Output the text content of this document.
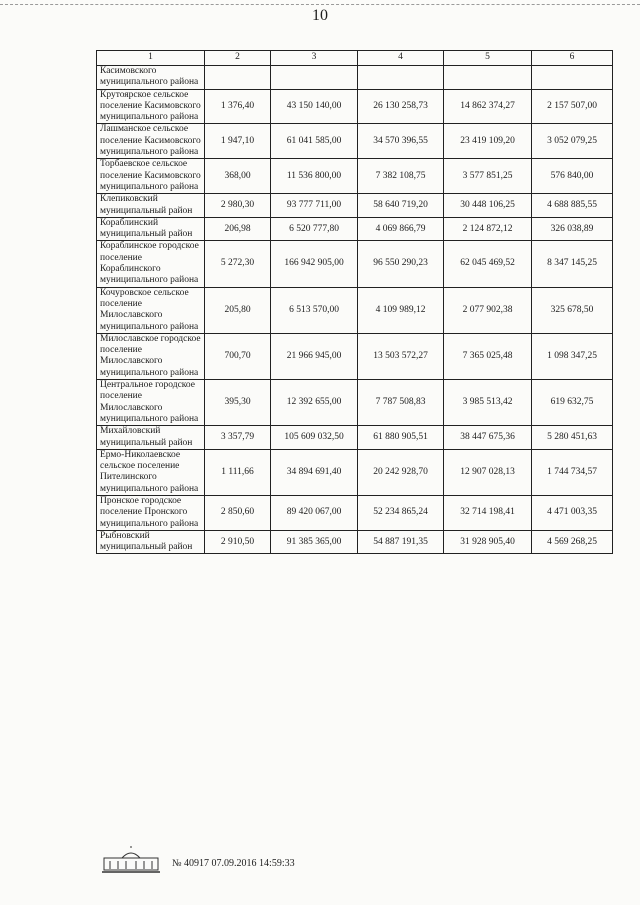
10
1	2	3	4	5	6
Касимовского муниципального района					
Крутоярское сельское поселение Касимовского муниципального района	1 376,40	43 150 140,00	26 130 258,73	14 862 374,27	2 157 507,00
Лашманское сельское поселение Касимовского муниципального района	1 947,10	61 041 585,00	34 570 396,55	23 419 109,20	3 052 079,25
Торбаевское сельское поселение Касимовского муниципального района	368,00	11 536 800,00	7 382 108,75	3 577 851,25	576 840,00
Клепиковский муниципальный район	2 980,30	93 777 711,00	58 640 719,20	30 448 106,25	4 688 885,55
Кораблинский муниципальный район	206,98	6 520 777,80	4 069 866,79	2 124 872,12	326 038,89
Кораблинское городское поселение Кораблинского муниципального района	5 272,30	166 942 905,00	96 550 290,23	62 045 469,52	8 347 145,25
Кочуровское сельское поселение Милославского муниципального района	205,80	6 513 570,00	4 109 989,12	2 077 902,38	325 678,50
Милославское городское поселение Милославского муниципального района	700,70	21 966 945,00	13 503 572,27	7 365 025,48	1 098 347,25
Центральное городское поселение Милославского муниципального района	395,30	12 392 655,00	7 787 508,83	3 985 513,42	619 632,75
Михайловский муниципальный район	3 357,79	105 609 032,50	61 880 905,51	38 447 675,36	5 280 451,63
Ермо-Николаевское сельское поселение Пителинского муниципального района	1 111,66	34 894 691,40	20 242 928,70	12 907 028,13	1 744 734,57
Пронское городское поселение Пронского муниципального района	2 850,60	89 420 067,00	52 234 865,24	32 714 198,41	4 471 003,35
Рыбновский муниципальный район	2 910,50	91 385 365,00	54 887 191,35	31 928 905,40	4 569 268,25
№ 40917 07.09.2016 14:59:33
